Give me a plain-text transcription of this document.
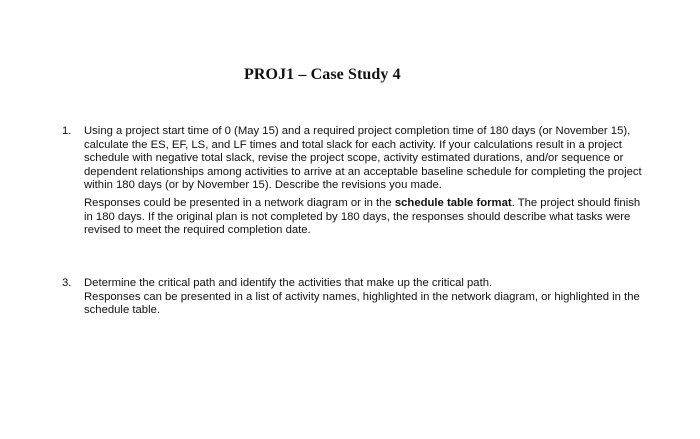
PROJ1 – Case Study 4
1.	Using a project start time of 0 (May 15) and a required project completion time of 180 days (or November 15), calculate the ES, EF, LS, and LF times and total slack for each activity. If your calculations result in a project schedule with negative total slack, revise the project scope, activity estimated durations, and/or sequence or dependent relationships among activities to arrive at an acceptable baseline schedule for completing the project within 180 days (or by November 15). Describe the revisions you made.

Responses could be presented in a network diagram or in the schedule table format. The project should finish in 180 days. If the original plan is not completed by 180 days, the responses should describe what tasks were revised to meet the required completion date.

3.	Determine the critical path and identify the activities that make up the critical path.

Responses can be presented in a list of activity names, highlighted in the network diagram, or highlighted in the schedule table.
